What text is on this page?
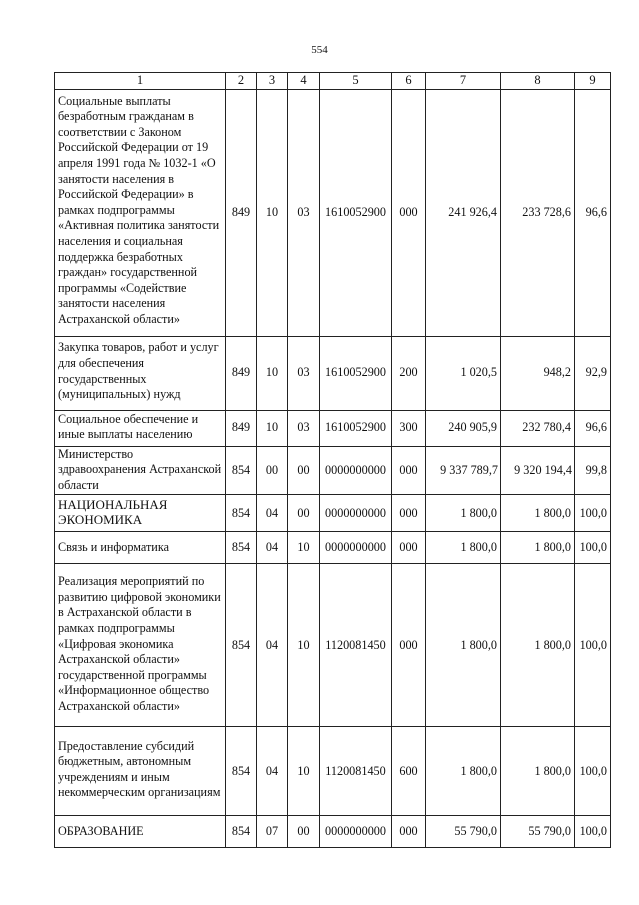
554
1	2	3	4	5	6	7	8	9

Социальные выплаты безработным гражданам в соответствии с Законом Российской Федерации от 19 апреля 1991 года № 1032-1 «О занятости населения в Российской Федерации» в рамках подпрограммы «Активная политика занятости населения и социальная поддержка безработных граждан» государственной программы «Содействие занятости населения Астраханской области»	849	10	03	1610052900	000	241 926,4	233 728,6	96,6

Закупка товаров, работ и услуг для обеспечения государственных (муниципальных) нужд	849	10	03	1610052900	200	1 020,5	948,2	92,9

Социальное обеспечение и иные выплаты населению	849	10	03	1610052900	300	240 905,9	232 780,4	96,6

Министерство здравоохранения Астраханской области	854	00	00	0000000000	000	9 337 789,7	9 320 194,4	99,8

НАЦИОНАЛЬНАЯ ЭКОНОМИКА	854	04	00	0000000000	000	1 800,0	1 800,0	100,0

Связь и информатика	854	04	10	0000000000	000	1 800,0	1 800,0	100,0

Реализация мероприятий по развитию цифровой экономики в Астраханской области в рамках подпрограммы «Цифровая экономика Астраханской области» государственной программы «Информационное общество Астраханской области»	854	04	10	1120081450	000	1 800,0	1 800,0	100,0

Предоставление субсидий бюджетным, автономным учреждениям и иным некоммерческим организациям	854	04	10	1120081450	600	1 800,0	1 800,0	100,0

ОБРАЗОВАНИЕ	854	07	00	0000000000	000	55 790,0	55 790,0	100,0
